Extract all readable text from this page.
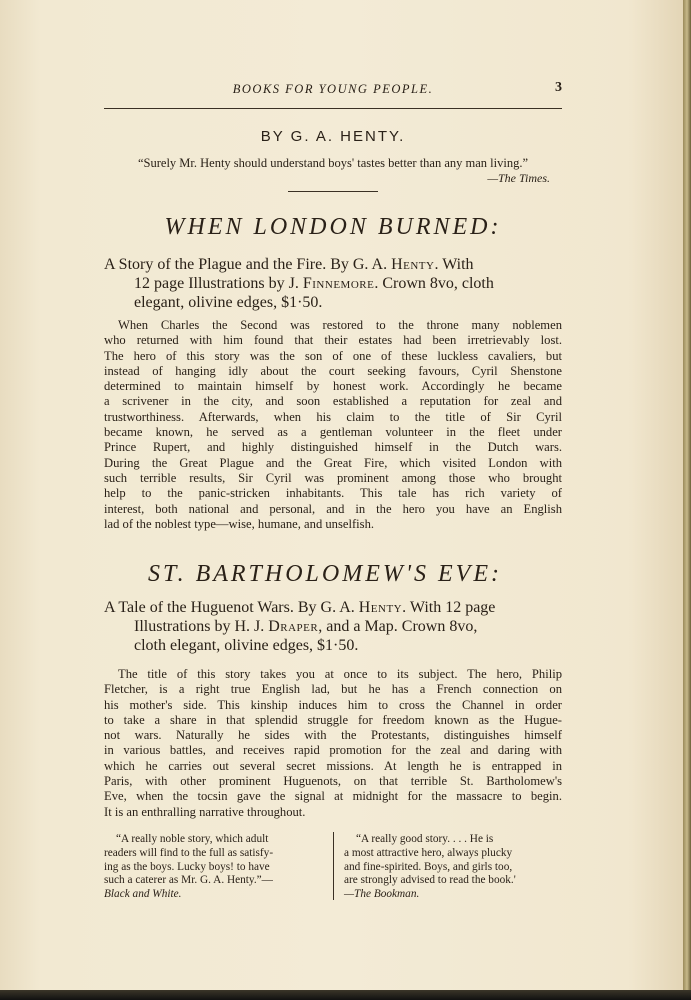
BOOKS FOR YOUNG PEOPLE.	3
BY G. A. HENTY.
“Surely Mr. Henty should understand boys' tastes better than any man living.”
—The Times.
WHEN LONDON BURNED:
A Story of the Plague and the Fire. By G. A. Henty. With
12 page Illustrations by J. Finnemore. Crown 8vo, cloth
elegant, olivine edges, $1·50.
When Charles the Second was restored to the throne many noblemen
who returned with him found that their estates had been irretrievably lost.
The hero of this story was the son of one of these luckless cavaliers, but
instead of hanging idly about the court seeking favours, Cyril Shenstone
determined to maintain himself by honest work. Accordingly he became
a scrivener in the city, and soon established a reputation for zeal and
trustworthiness. Afterwards, when his claim to the title of Sir Cyril
became known, he served as a gentleman volunteer in the fleet under
Prince Rupert, and highly distinguished himself in the Dutch wars.
During the Great Plague and the Great Fire, which visited London with
such terrible results, Sir Cyril was prominent among those who brought
help to the panic-stricken inhabitants. This tale has rich variety of
interest, both national and personal, and in the hero you have an English
lad of the noblest type—wise, humane, and unselfish.
ST. BARTHOLOMEW'S EVE:
A Tale of the Huguenot Wars. By G. A. Henty. With 12 page
Illustrations by H. J. Draper, and a Map. Crown 8vo,
cloth elegant, olivine edges, $1·50.
The title of this story takes you at once to its subject. The hero, Philip
Fletcher, is a right true English lad, but he has a French connection on
his mother's side. This kinship induces him to cross the Channel in order
to take a share in that splendid struggle for freedom known as the Hugue-
not wars. Naturally he sides with the Protestants, distinguishes himself
in various battles, and receives rapid promotion for the zeal and daring with
which he carries out several secret missions. At length he is entrapped in
Paris, with other prominent Huguenots, on that terrible St. Bartholomew's
Eve, when the tocsin gave the signal at midnight for the massacre to begin.
It is an enthralling narrative throughout.
“A really noble story, which adult
readers will find to the full as satisfy-
ing as the boys. Lucky boys! to have
such a caterer as Mr. G. A. Henty.”—
Black and White.
“A really good story. . . . He is
a most attractive hero, always plucky
and fine-spirited. Boys, and girls too,
are strongly advised to read the book.'
—The Bookman.
